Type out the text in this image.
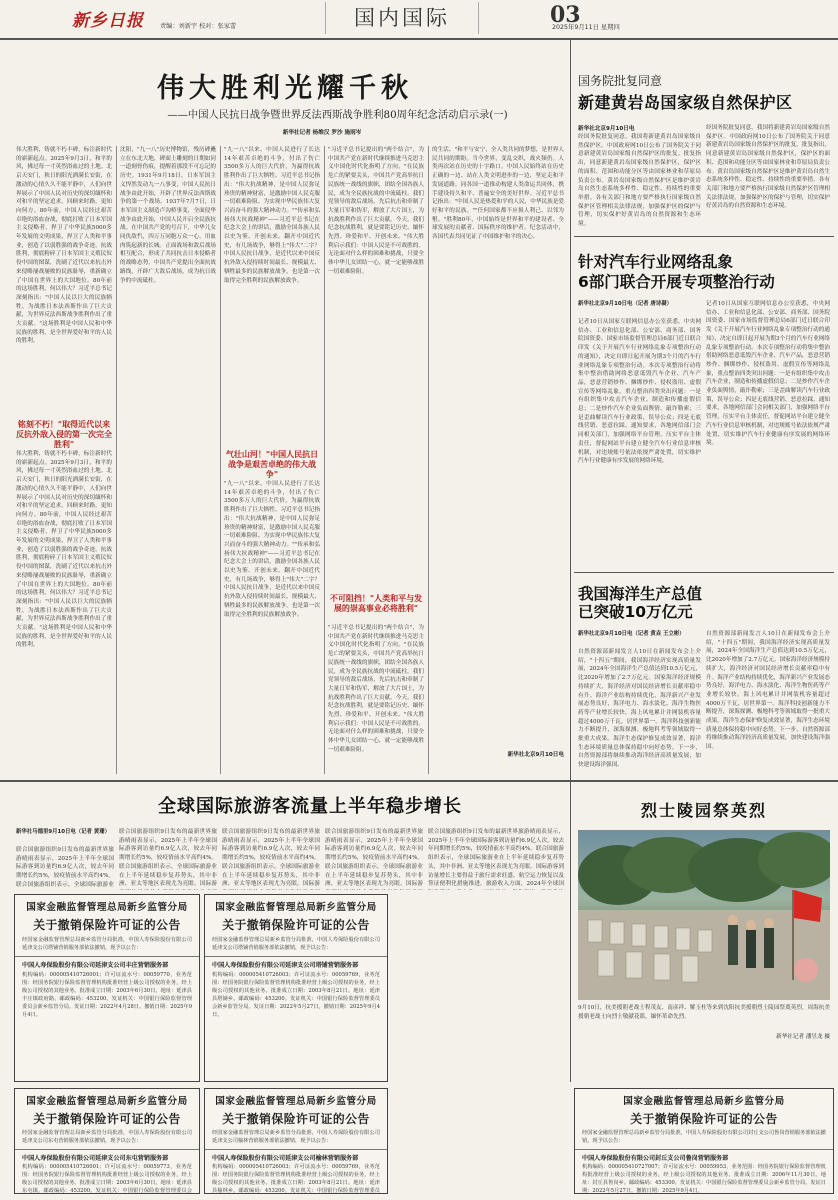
新乡日报	责编：刘新宇 校对：张家蕾	国内国际	03
2025年9月11日 星期四
伟大胜利光耀千秋
——中国人民抗日战争暨世界反法西斯战争胜利80周年纪念活动启示录(一)
新华社记者 杨维汉 罗沙 施雨岑
伟大胜利，铸就不朽丰碑，标注新时代的崭新起点。2025年9月3日，和平的风，拂过每一寸英烈浴血过的土地。北京天安门，秋日的阳光洒满长安街，在激动的心情久久不能平静中，人们向世界展示了中国人民对历史的深切缅怀和对和平的坚定追求。回顾来时路，更知向何方。80年前，中国人民经过艰苦卓绝的浴血奋战，彻底打败了日本军国主义侵略者，捍卫了中华民族5000多年发展的文明成果，捍卫了人类和平事业，创造了以弱胜强的战争奇迹。抗战胜利，彻底粉碎了日本军国主义殖民奴役中国的图谋，洗刷了近代以来抗击外来侵略屡战屡败的民族耻辱，重新确立了中国在世界上的大国地位。80年前的这场胜利，何以伟大？习近平总书记深刻指出："中国人民以巨大的民族牺牲，为战胜日本法西斯作出了巨大贡献，为世界反法西斯战争胜利作出了重大贡献。"这场胜利是中国人民和中华民族的胜利，是全世界爱好和平的人民的胜利。
铭刻不朽！"取得近代以来反抗外敌入侵的第一次完全胜利"
伟大胜利，铸就不朽丰碑，标注新时代的崭新起点。2025年9月3日，和平的风，拂过每一寸英烈浴血过的土地。北京天安门，秋日的阳光洒满长安街，在激动的心情久久不能平静中，人们向世界展示了中国人民对历史的深切缅怀和对和平的坚定追求。回顾来时路，更知向何方。80年前，中国人民经过艰苦卓绝的浴血奋战，彻底打败了日本军国主义侵略者，捍卫了中华民族5000多年发展的文明成果，捍卫了人类和平事业，创造了以弱胜强的战争奇迹。抗战胜利，彻底粉碎了日本军国主义殖民奴役中国的图谋，洗刷了近代以来抗击外来侵略屡战屡败的民族耻辱，重新确立了中国在世界上的大国地位。80年前的这场胜利，何以伟大？习近平总书记深刻指出："中国人民以巨大的民族牺牲，为战胜日本法西斯作出了巨大贡献，为世界反法西斯战争胜利作出了重大贡献。"这场胜利是中国人民和中华民族的胜利，是全世界爱好和平的人民的胜利。
沈阳，"九一八"历史博物馆，残历碑矗立在东北大地，碑面上雕刻的日期如同一道刻骨伤痕，提醒着那段不可忘记的历史。1931年9月18日，日本军国主义悍然发动九一八事变，中国人民抗日战争由此开始，开辟了世界反法西斯战争的第一个战场。1937年7月7日，日本军国主义制造卢沟桥事变，全面侵华战争由此开始，中国人民开启全民族抗战。在中国共产党的号召下，中华儿女同仇敌忾，四万万同胞万众一心，用血肉筑起新的长城。正面战场和敌后战场相互配合，形成了共同抗击日本侵略者的战略态势。中国共产党提出全面抗战路线，开辟广大敌后战场，成为抗日战争的中流砥柱。
"九一八"以来，中国人民进行了长达14年艰苦卓绝的斗争，付出了伤亡3500多万人的巨大代价，为赢得抗战胜利作出了巨大牺牲。习近平总书记指出："伟大抗战精神，是中国人民弥足珍贵的精神财富，是激励中国人民克服一切艰难险阻、为实现中华民族伟大复兴而奋斗的强大精神动力。""传承和弘扬伟大抗战精神"——习近平总书记在纪念大会上的讲话，激励全国各族人民以史为鉴、开创未来。翻开中国近代史，有几场战争，够得上"伟大"二字？中国人民抗日战争，是近代以来中国反抗外敌入侵持续时间最长、规模最大、牺牲最多的民族解放战争，也是第一次取得完全胜利的民族解放战争。
气壮山河！"中国人民抗日战争是艰苦卓绝的伟大战争"
"九一八"以来，中国人民进行了长达14年艰苦卓绝的斗争，付出了伤亡3500多万人的巨大代价，为赢得抗战胜利作出了巨大牺牲。习近平总书记指出："伟大抗战精神，是中国人民弥足珍贵的精神财富，是激励中国人民克服一切艰难险阻、为实现中华民族伟大复兴而奋斗的强大精神动力。""传承和弘扬伟大抗战精神"——习近平总书记在纪念大会上的讲话，激励全国各族人民以史为鉴、开创未来。翻开中国近代史，有几场战争，够得上"伟大"二字？中国人民抗日战争，是近代以来中国反抗外敌入侵持续时间最长、规模最大、牺牲最多的民族解放战争，也是第一次取得完全胜利的民族解放战争。
"习近平总书记提出的"两个结合"，为中国共产党在新时代继续推进马克思主义中国化时代化指明了方向。"在民族危亡的紧要关头，中国共产党高举抗日民族统一战线的旗帜，团结全国各族人民，成为全民族抗战的中流砥柱。我们党领导的敌后战场，先后抗击和牵制了大量日军和伪军，解放了大片国土，为抗战胜利作出了巨大贡献。今天，我们纪念抗战胜利，就是要铭记历史、缅怀先烈、珍爱和平、开创未来。"伟大胜利启示我们：中国人民是不可战胜的。无论面对什么样的困难和挑战，只要全体中华儿女团结一心，就一定能够战胜一切艰难险阻。
不可阻挡！"人类和平与发展的崇高事业必将胜利"
"习近平总书记提出的"两个结合"，为中国共产党在新时代继续推进马克思主义中国化时代化指明了方向。"在民族危亡的紧要关头，中国共产党高举抗日民族统一战线的旗帜，团结全国各族人民，成为全民族抗战的中流砥柱。我们党领导的敌后战场，先后抗击和牵制了大量日军和伪军，解放了大片国土，为抗战胜利作出了巨大贡献。今天，我们纪念抗战胜利，就是要铭记历史、缅怀先烈、珍爱和平、开创未来。"伟大胜利启示我们：中国人民是不可战胜的。无论面对什么样的困难和挑战，只要全体中华儿女团结一心，就一定能够战胜一切艰难险阻。
的生活。"和平与安宁，全人类共同的梦想，是世界人民共同的期盼。当今世界，变乱交织，战火频仍。人类再次站在历史的十字路口。中国人民始终站在历史正确的一边、站在人类文明进步的一边，坚定走和平发展道路，同各国一道推动构建人类命运共同体，携手建设持久和平、普遍安全的美好世界。习近平总书记指出："中国人民是热爱和平的人民，中华民族是爱好和平的民族。""任何国家都不应损人利己、以邻为壑。"胜利80年，中国始终是世界和平的建设者、全球发展的贡献者、国际秩序的维护者。纪念活动中，各国代表共同见证了中国维护和平的决心。
新华社北京9月10日电
国务院批复同意
新建黄岩岛国家级自然保护区
新华社北京9月10日电
经国务院批复同意，我国将新建黄岩岛国家级自然保护区。中国政府网10日公布了国务院关于同意新建黄岩岛国家级自然保护区的批复。批复指出，同意新建黄岩岛国家级自然保护区，保护区的面积、范围和功能分区等由国家林业和草原局负责公布。黄岩岛国家级自然保护区是维护黄岩岛自然生态系统多样性、稳定性、持续性的重要举措。各有关部门和地方要严格执行国家级自然保护区管理相关法律法规，加强保护区的保护与管理，切实保护好黄岩岛的自然资源和生态环境。
经国务院批复同意，我国将新建黄岩岛国家级自然保护区。中国政府网10日公布了国务院关于同意新建黄岩岛国家级自然保护区的批复。批复指出，同意新建黄岩岛国家级自然保护区，保护区的面积、范围和功能分区等由国家林业和草原局负责公布。黄岩岛国家级自然保护区是维护黄岩岛自然生态系统多样性、稳定性、持续性的重要举措。各有关部门和地方要严格执行国家级自然保护区管理相关法律法规，加强保护区的保护与管理，切实保护好黄岩岛的自然资源和生态环境。
针对汽车行业网络乱象
6部门联合开展专项整治行动
新华社北京9月10日电（记者 唐诗凝）
记者10日从国家互联网信息办公室获悉，中央网信办、工业和信息化部、公安部、商务部、国务院国资委、国家市场监督管理总局6部门近日联合印发《关于开展汽车行业网络乱象专项整治行动的通知》，决定自即日起开展为期3个月的汽车行业网络乱象专项整治行动。本次专项整治行动将集中整治借助网络恶意诋毁汽车企业、汽车产品，恶意营销炒作、捆绑炒作、侵权盗用、虚假宣传等网络乱象，重点整治四类突出问题：一是有组织集中攻击汽车企业，制造和传播虚假信息；二是炒作汽车企业负面舆情，敲诈勒索；三是歪曲解读汽车行业政策，误导公众；四是无底线营销、恶意拉踩。通知要求，各地网信部门会同相关部门，加强网络平台管理，压实平台主体责任，督促网站平台建立健全汽车行业信息审核机制，对违规账号依法依规严肃处置，切实维护汽车行业健康有序发展的网络环境。
记者10日从国家互联网信息办公室获悉，中央网信办、工业和信息化部、公安部、商务部、国务院国资委、国家市场监督管理总局6部门近日联合印发《关于开展汽车行业网络乱象专项整治行动的通知》，决定自即日起开展为期3个月的汽车行业网络乱象专项整治行动。本次专项整治行动将集中整治借助网络恶意诋毁汽车企业、汽车产品，恶意营销炒作、捆绑炒作、侵权盗用、虚假宣传等网络乱象，重点整治四类突出问题：一是有组织集中攻击汽车企业，制造和传播虚假信息；二是炒作汽车企业负面舆情，敲诈勒索；三是歪曲解读汽车行业政策，误导公众；四是无底线营销、恶意拉踩。通知要求，各地网信部门会同相关部门，加强网络平台管理，压实平台主体责任，督促网站平台建立健全汽车行业信息审核机制，对违规账号依法依规严肃处置，切实维护汽车行业健康有序发展的网络环境。
我国海洋生产总值
已突破10万亿元
新华社北京9月10日电（记者 黄垚 王立彬）
自然资源部新闻发言人10日在新闻发布会上介绍，"十四五"期间，我国海洋经济实现高质量发展，2024年全国海洋生产总值达到10.5万亿元，比2020年增加了2.7万亿元。国家海洋经济规模持续扩大，海洋经济对国民经济增长贡献率稳中有升。海洋产业结构持续优化，海洋新兴产业发展态势良好，海洋电力、海水淡化、海洋生物医药等产业增长较快。海上风电累计并网装机容量超过4000万千瓦，居世界第一。海洋科技创新能力不断提升，深海探测、极地科考等领域取得一批重大成果。海洋生态保护修复成效显著，海洋生态环境质量总体保持稳中向好态势。下一步，自然资源部将继续推动海洋经济高质量发展，加快建设海洋强国。
自然资源部新闻发言人10日在新闻发布会上介绍，"十四五"期间，我国海洋经济实现高质量发展，2024年全国海洋生产总值达到10.5万亿元，比2020年增加了2.7万亿元。国家海洋经济规模持续扩大，海洋经济对国民经济增长贡献率稳中有升。海洋产业结构持续优化，海洋新兴产业发展态势良好，海洋电力、海水淡化、海洋生物医药等产业增长较快。海上风电累计并网装机容量超过4000万千瓦，居世界第一。海洋科技创新能力不断提升，深海探测、极地科考等领域取得一批重大成果。海洋生态保护修复成效显著，海洋生态环境质量总体保持稳中向好态势。下一步，自然资源部将继续推动海洋经济高质量发展，加快建设海洋强国。
全球国际旅游客流量上半年稳步增长
新华社马德里9月10日电（记者 黄珊）
联合国旅游组织9日发布的最新世界旅游晴雨表显示，2025年上半年全球国际游客到访量约6.9亿人次，较去年同期增长约5%，较疫情前水平高约4%。联合国旅游组织表示，全球国际旅游业
联合国旅游组织9日发布的最新世界旅游晴雨表显示，2025年上半年全球国际游客到访量约6.9亿人次，较去年同期增长约5%，较疫情前水平高约4%。联合国旅游组织表示，全球国际旅游业在上半年延续稳步复苏势头，其中非洲、亚太等地区表现尤为亮眼。国际游
联合国旅游组织9日发布的最新世界旅游晴雨表显示，2025年上半年全球国际游客到访量约6.9亿人次，较去年同期增长约5%，较疫情前水平高约4%。联合国旅游组织表示，全球国际旅游业在上半年延续稳步复苏势头，其中非洲、亚太等地区表现尤为亮眼。国际游
联合国旅游组织9日发布的最新世界旅游晴雨表显示，2025年上半年全球国际游客到访量约6.9亿人次，较去年同期增长约5%，较疫情前水平高约4%。联合国旅游组织表示，全球国际旅游业在上半年延续稳步复苏势头，其中非洲、亚太等地区表现尤为亮眼。国际游
联合国旅游组织9日发布的最新世界旅游晴雨表显示，2025年上半年全球国际游客到访量约6.9亿人次，较去年同期增长约5%，较疫情前水平高约4%。联合国旅游组织表示，全球国际旅游业在上半年延续稳步复苏势头，其中非洲、亚太等地区表现尤为亮眼。国际游客到访量增长主要得益于旅行需求旺盛、航空运力恢复以及签证便利化措施推进。旅游收入方面，2024年全球国
烈士陵园祭英烈
9月10日，抗美援朝老战士程茂友、南彦祥、解玉柱等来到沈阳抗美援朝烈士陵园祭奠英烈，周海抗美援朝老战士向烈士敬献花篮，缅怀革命先烈。
新华社记者 潘昱龙 摄
国家金融监督管理总局新乡监管分局
关于撤销保险许可证的公告
经国家金融监督管理总局新乡监管分局批准，中国人寿保险股份有限公司延津支公司塔铺营销服务部依法撤销，现予以公告：
中国人寿保险股份有限公司延津支公司丰庄营销服务部
机构编码：000005410726001；许可证流水号：00059770，业务范围：经国务院银行保险监督管理机构批准经营上级公司授权的业务，经上级公司授权的其他业务。批准成立日期：2003年6月30日。地址：延津县丰庄镇政府路。邮政编码：453200。发证机关：中国银行保险监督管理委员会新乡监管分局。发证日期：2022年4月28日。撤销日期：2025年9月4日。
国家金融监督管理总局新乡监管分局
关于撤销保险许可证的公告
经国家金融监督管理总局新乡监管分局批准，中国人寿保险股份有限公司延津支公司塔铺营销服务部依法撤销，现予以公告：
中国人寿保险股份有限公司延津支公司塔铺营销服务部
机构编码：000005410726003；许可证流水号：00059769，业务范围：经国务院银行保险监督管理机构批准经营上级公司授权的业务，经上级公司授权的其他业务。批准成立日期：2003年8月21日。地址：延津县塔铺乡。邮政编码：453200。发证机关：中国银行保险监督管理委员会新乡监管分局。发证日期：2022年5月27日。撤销日期：2025年9月4日。
国家金融监督管理总局新乡监管分局
关于撤销保险许可证的公告
经国家金融监督管理总局新乡监管分局批准，中国人寿保险股份有限公司延津支公司东屯营销服务部依法撤销，现予以公告：
中国人寿保险股份有限公司延津支公司东屯营销服务部
机构编码：000005410726001；许可证流水号：00059773，业务范围：经国务院银行保险监督管理机构批准经营上级公司授权的业务，经上级公司授权的其他业务。批准成立日期：2003年6月30日。地址：延津县东屯镇。邮政编码：453200。发证机关：中国银行保险监督管理委员会
国家金融监督管理总局新乡监管分局
关于撤销保险许可证的公告
经国家金融监督管理总局新乡监管分局批准，中国人寿保险股份有限公司延津支公司榆林营销服务部依法撤销，现予以公告：
中国人寿保险股份有限公司延津支公司榆林营销服务部
机构编码：000005410726003；许可证流水号：00059769，业务范围：经国务院银行保险监督管理机构批准经营上级公司授权的业务，经上级公司授权的其他业务。批准成立日期：2003年8月21日。地址：延津县榆林乡。邮政编码：453200。发证机关：中国银行保险监督管理委员
国家金融监督管理总局新乡监管分局
关于撤销保险许可证的公告
经国家金融监督管理总局新乡监管分局批准，中国人寿保险股份有限公司封丘支公司鲁岗营销服务部依法撤销，现予以公告：
中国人寿保险股份有限公司封丘支公司鲁岗营销服务部
机构编码：000005410727007；许可证流水号：00059953，业务范围：经国务院银行保险监督管理机构批准经营上级公司授权的业务，经上级公司授权的其他业务。批准成立日期：2006年11月30日。地址：封丘县鲁岗乡。邮政编码：453300。发证机关：中国银行保险监督管理委员会新乡监管分局。发证日期：2022年5月27日。撤销日期：2025年9月4日。
